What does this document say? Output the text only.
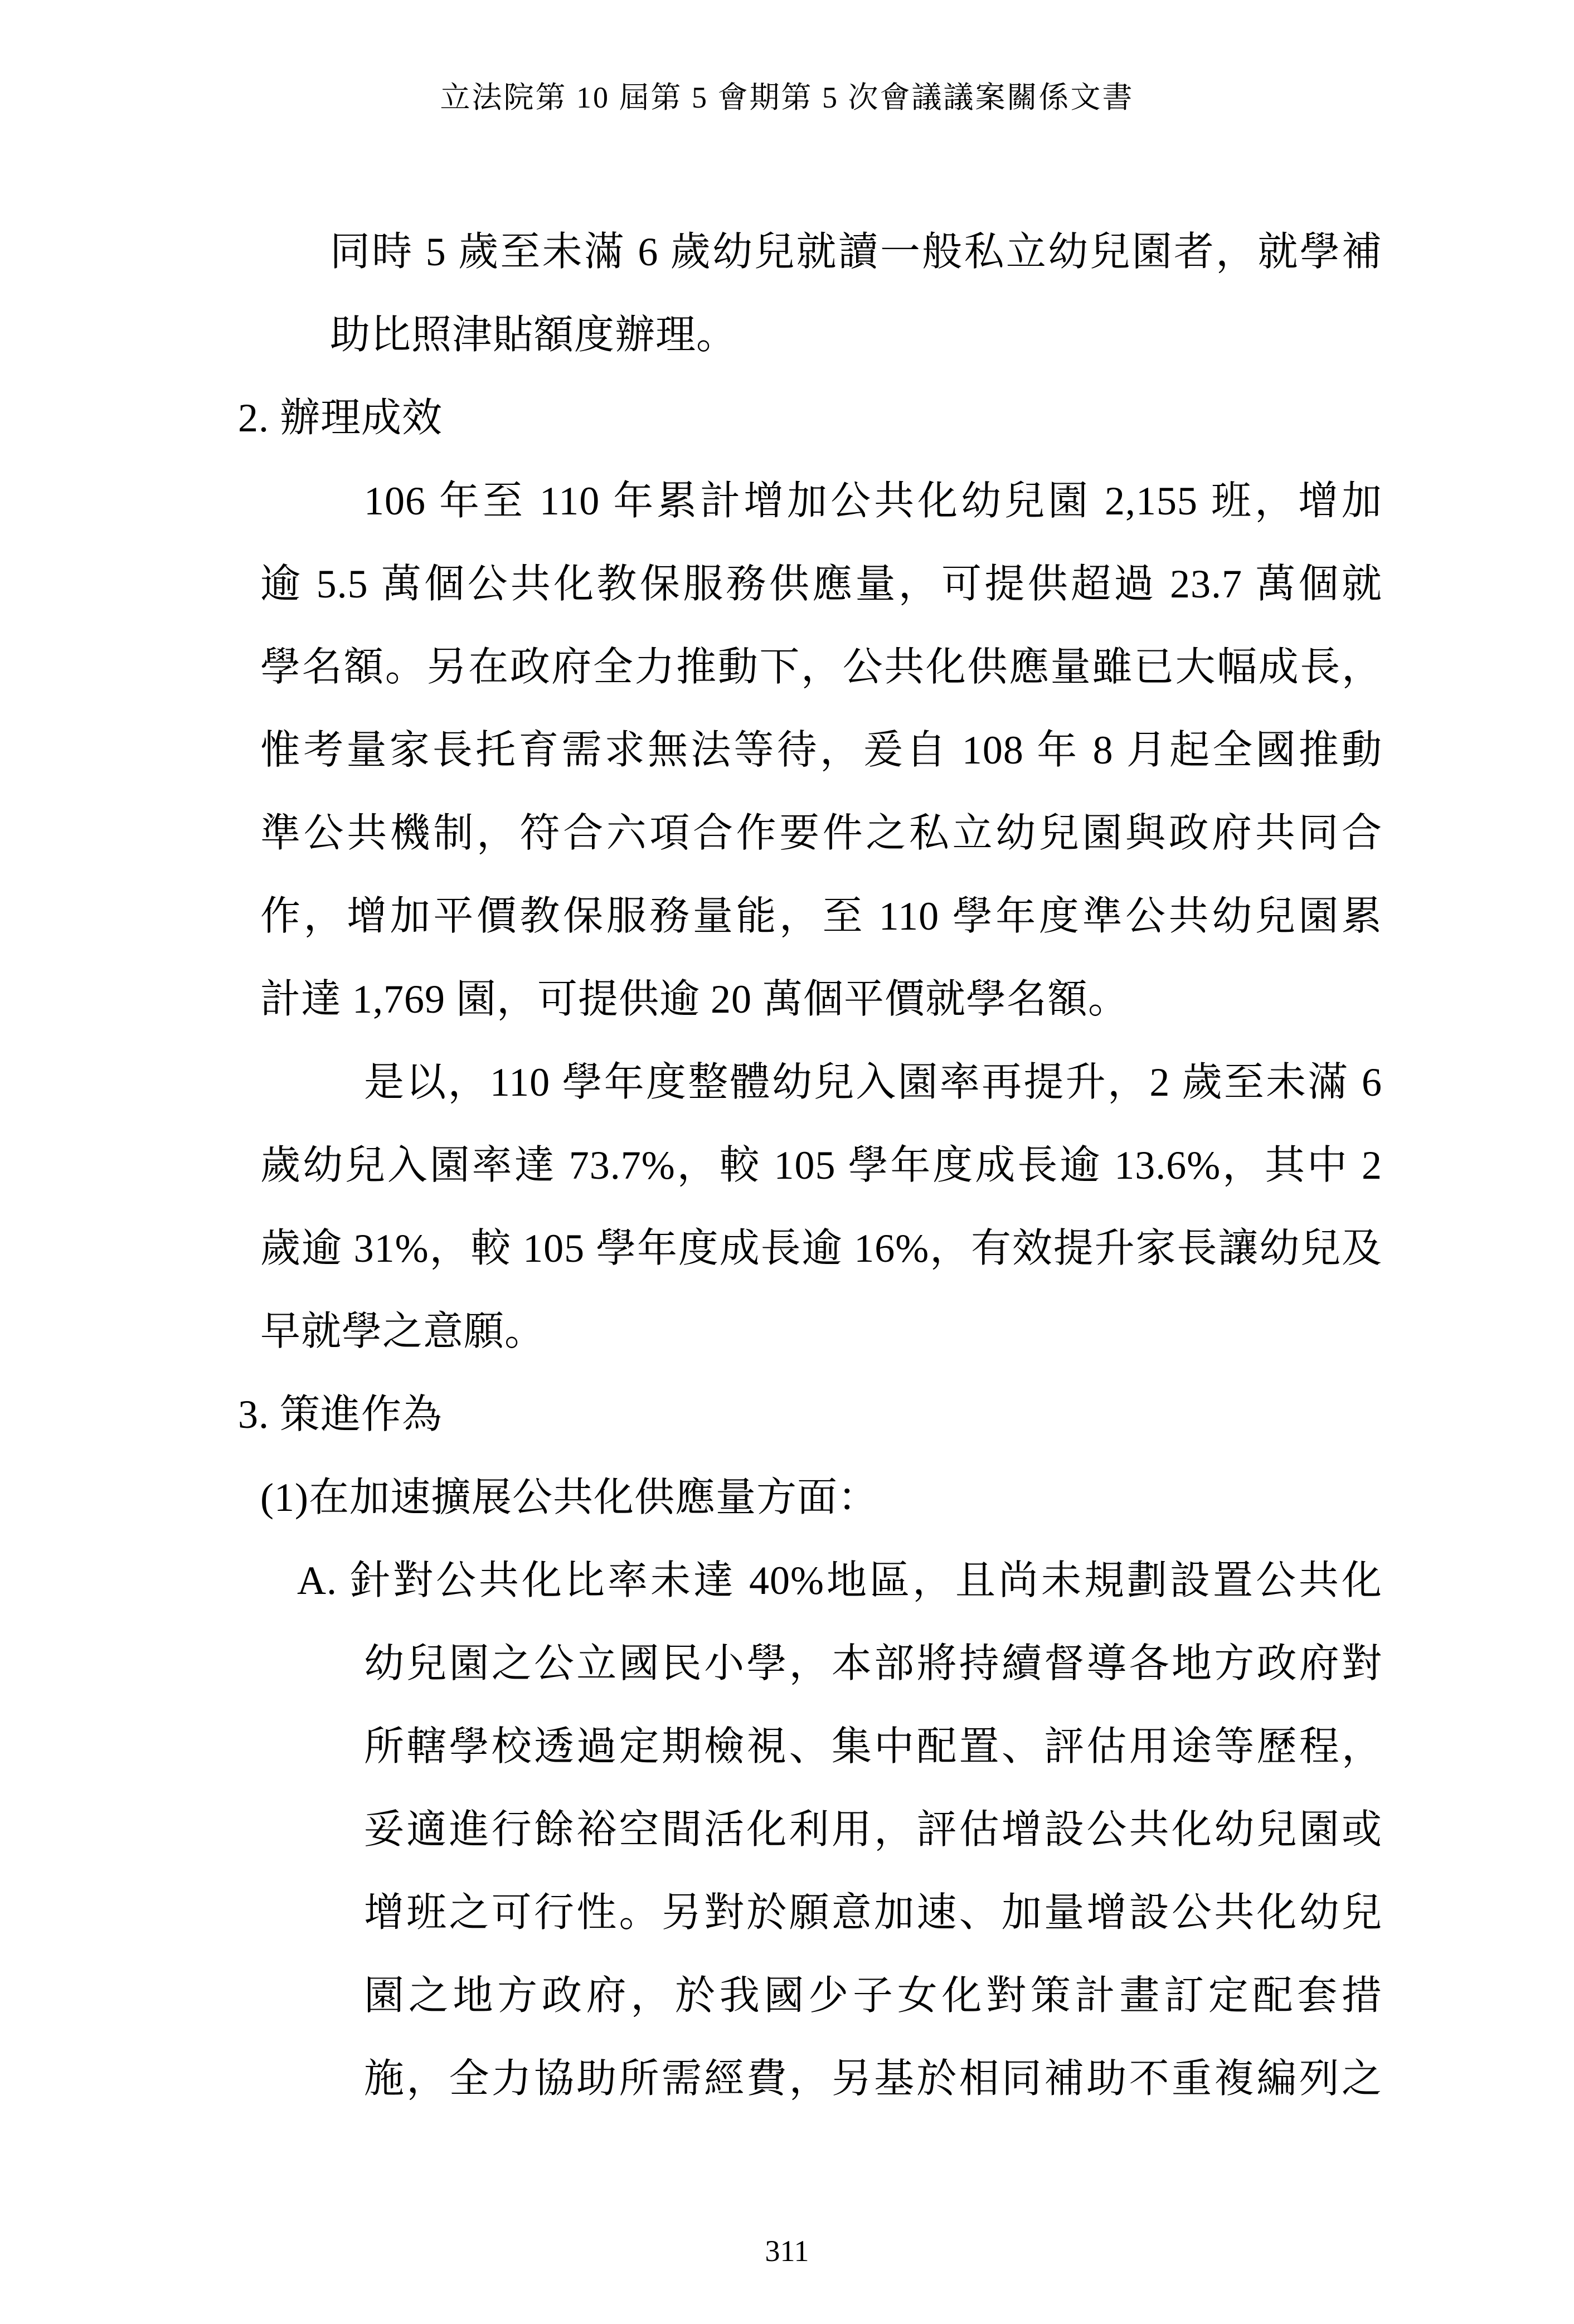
立法院第 10 屆第 5 會期第 5 次會議議案關係文書
同時 5 歲至未滿 6 歲幼兒就讀一般私立幼兒園者，就學補
助比照津貼額度辦理。
2. 辦理成效
106 年至 110 年累計增加公共化幼兒園 2,155 班，增加
逾 5.5 萬個公共化教保服務供應量，可提供超過 23.7 萬個就
學名額。另在政府全力推動下，公共化供應量雖已大幅成長，
惟考量家長托育需求無法等待，爰自 108 年 8 月起全國推動
準公共機制，符合六項合作要件之私立幼兒園與政府共同合
作，增加平價教保服務量能，至 110 學年度準公共幼兒園累
計達 1,769 園，可提供逾 20 萬個平價就學名額。
是以，110 學年度整體幼兒入園率再提升，2 歲至未滿 6
歲幼兒入園率達 73.7%，較 105 學年度成長逾 13.6%，其中 2
歲逾 31%，較 105 學年度成長逾 16%，有效提升家長讓幼兒及
早就學之意願。
3. 策進作為
(1)在加速擴展公共化供應量方面：
A. 針對公共化比率未達 40%地區，且尚未規劃設置公共化
幼兒園之公立國民小學，本部將持續督導各地方政府對
所轄學校透過定期檢視、集中配置、評估用途等歷程，
妥適進行餘裕空間活化利用，評估增設公共化幼兒園或
增班之可行性。另對於願意加速、加量增設公共化幼兒
園之地方政府，於我國少子女化對策計畫訂定配套措
施，全力協助所需經費，另基於相同補助不重複編列之
311
